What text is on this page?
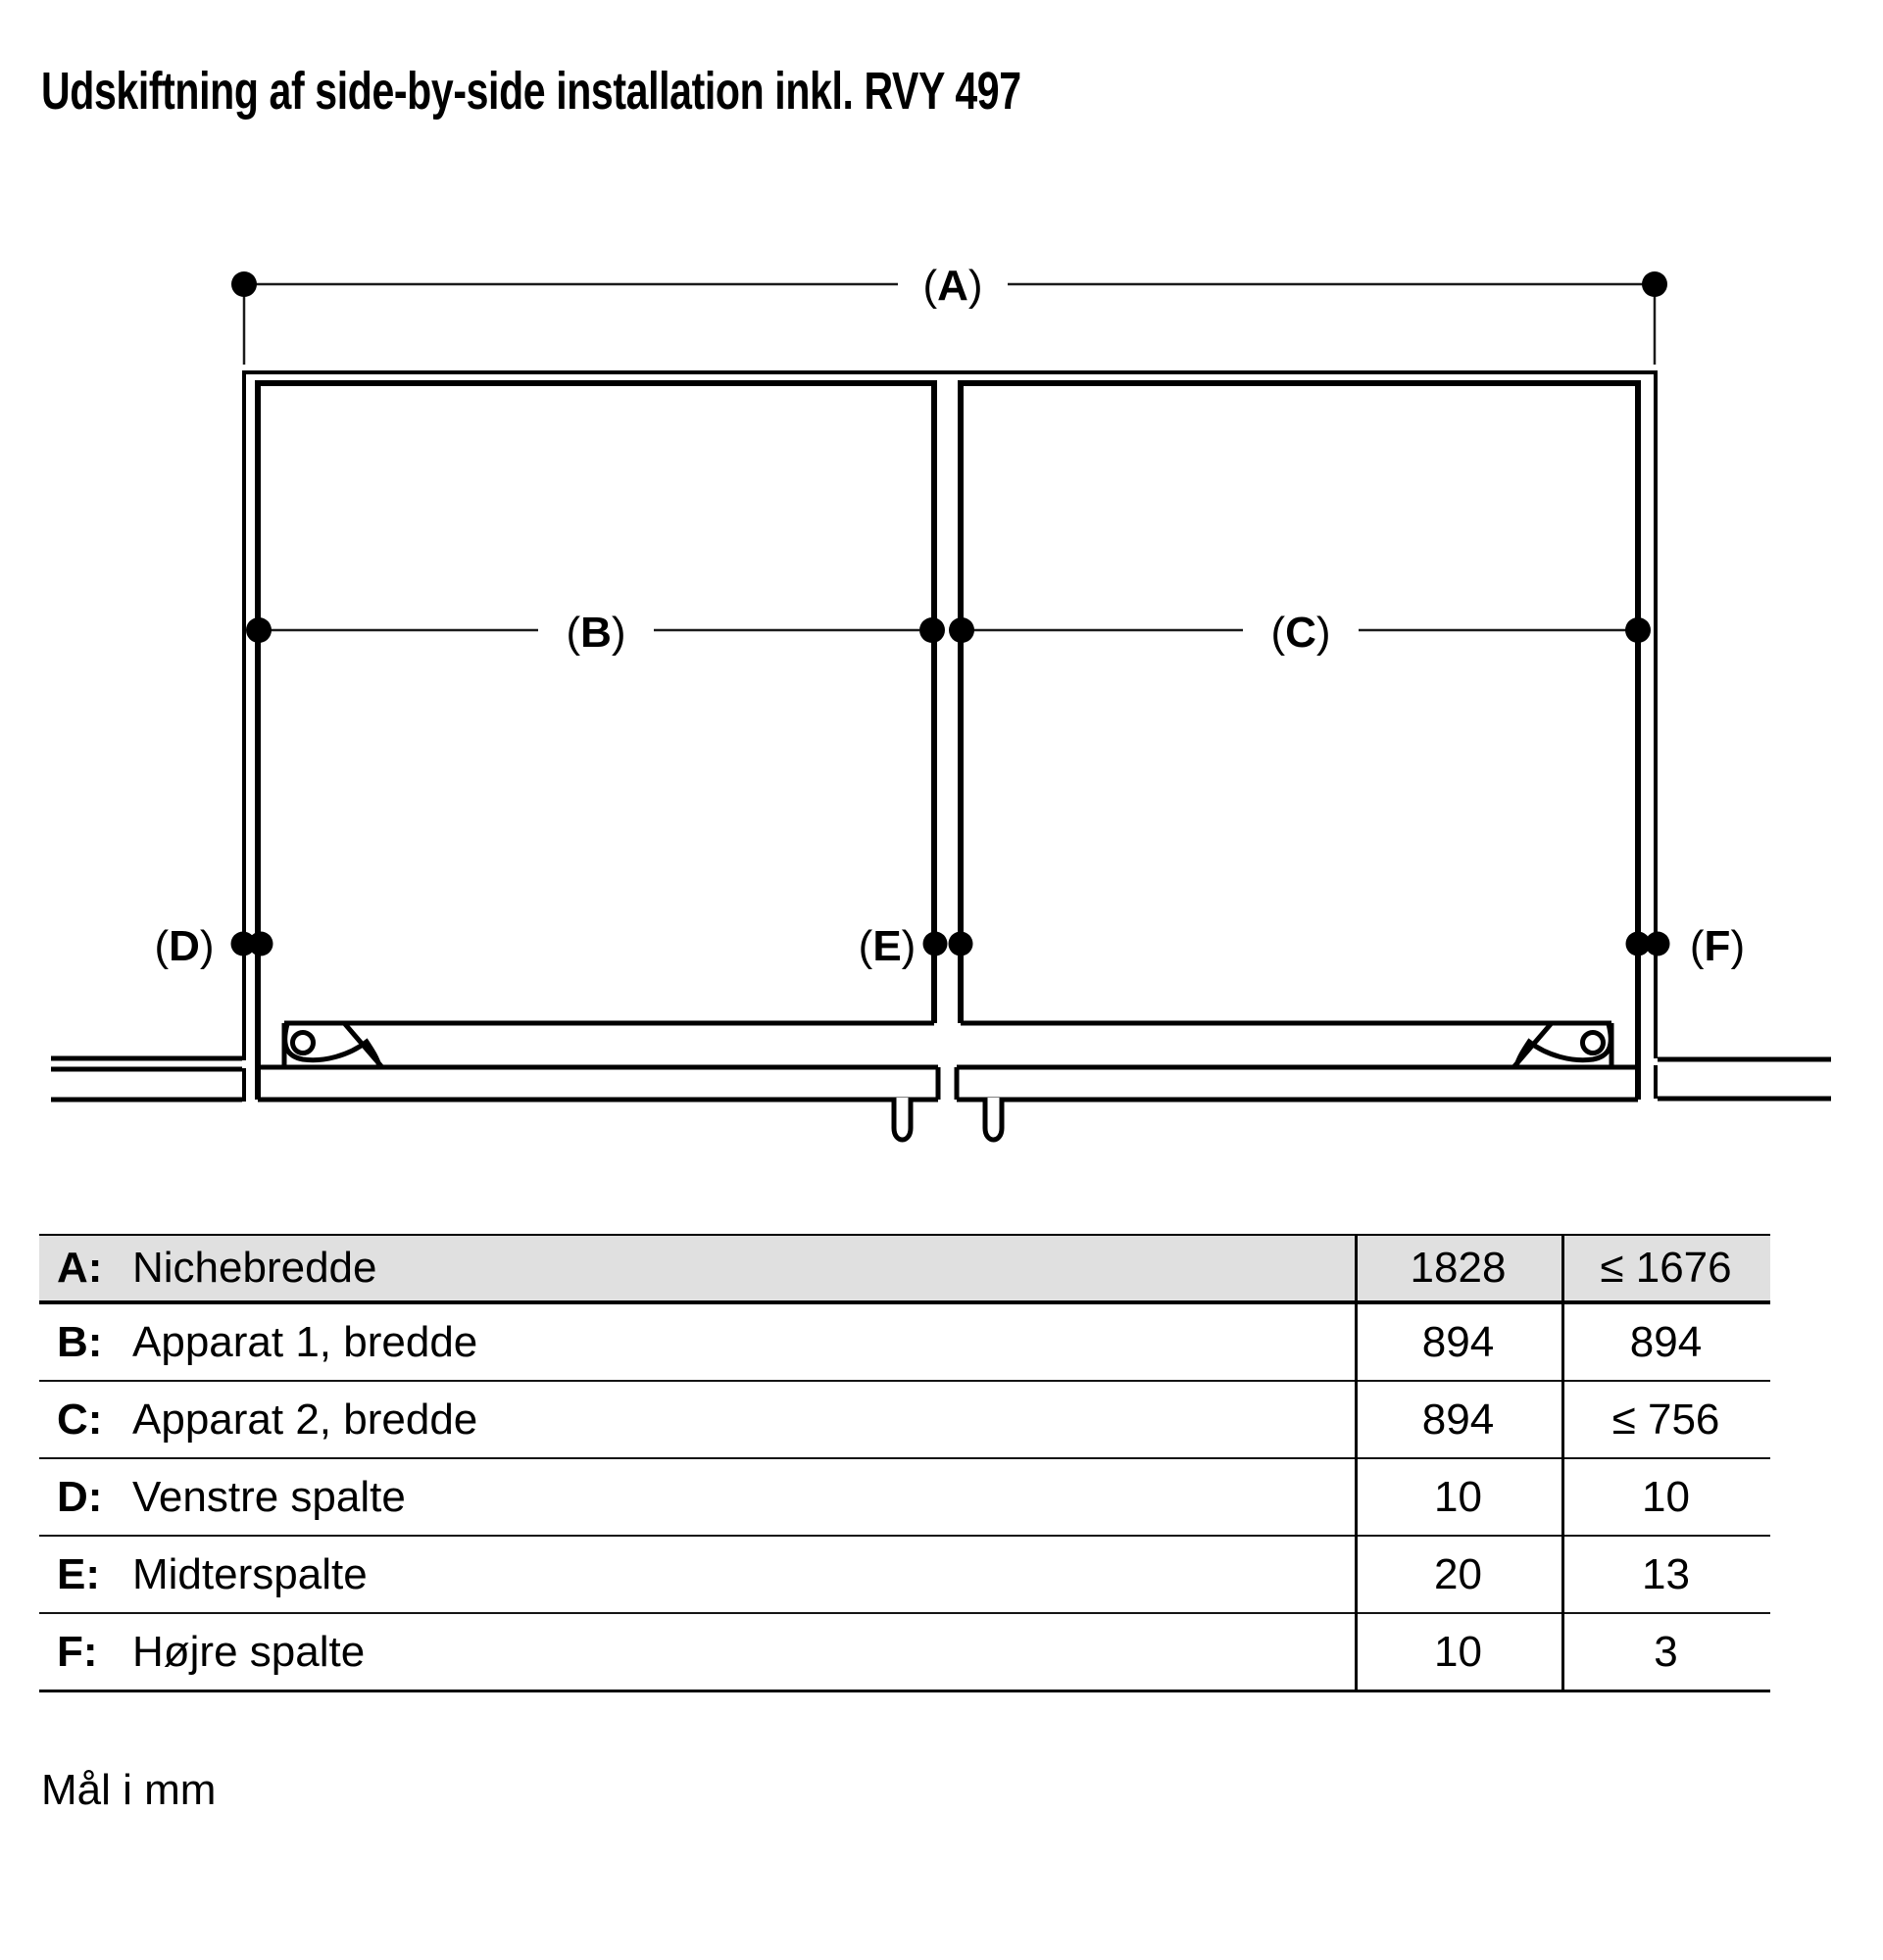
Udskiftning af side-by-side installation inkl. RVY 497
(A)
(B)	(C)
(D)	(E)	(F)
A: Nichebredde	1828	≤ 1676
B: Apparat 1, bredde	894	894
C: Apparat 2, bredde	894	≤ 756
D: Venstre spalte	10	10
E: Midterspalte	20	13
F: Højre spalte	10	3
Mål i mm
